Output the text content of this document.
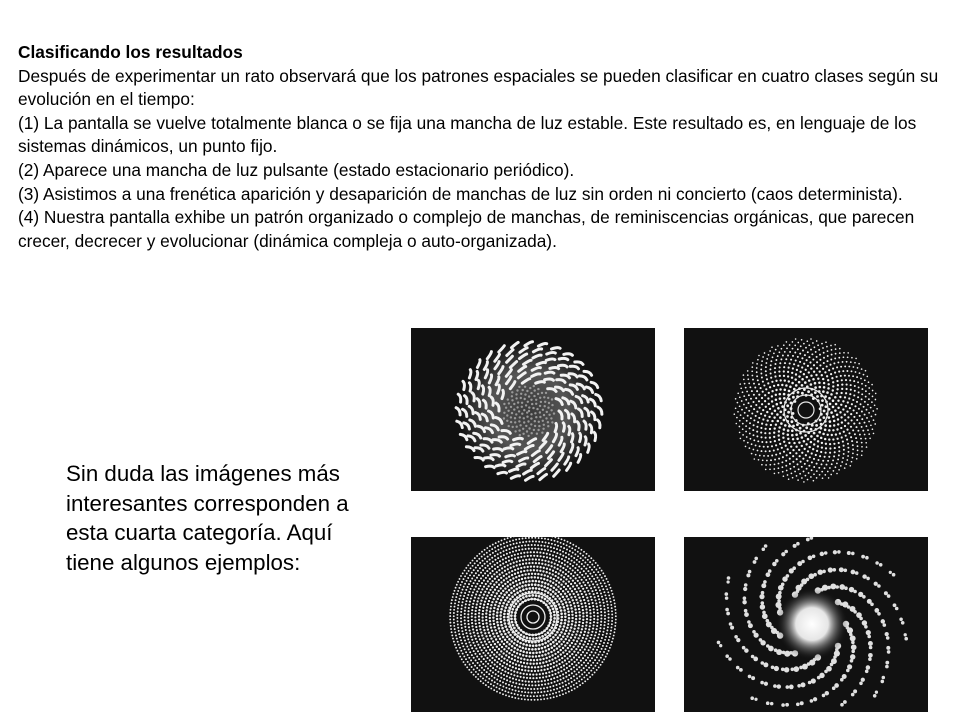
Clasificando los resultados

Después de experimentar un rato observará que los patrones espaciales se pueden clasificar en cuatro clases según su evolución en el tiempo:

(1) La pantalla se vuelve totalmente blanca o se fija una mancha de luz estable. Este resultado es, en lenguaje de los sistemas dinámicos, un punto fijo.

(2) Aparece una mancha de luz pulsante (estado estacionario periódico).

(3) Asistimos a una frenética aparición y desaparición de manchas de luz sin orden ni concierto (caos determinista).

(4) Nuestra pantalla exhibe un patrón organizado o complejo de manchas, de reminiscencias orgánicas, que parecen crecer, decrecer y evolucionar (dinámica compleja o auto-organizada).

Sin duda las imágenes más interesantes corresponden a esta cuarta categoría. Aquí tiene algunos ejemplos:
